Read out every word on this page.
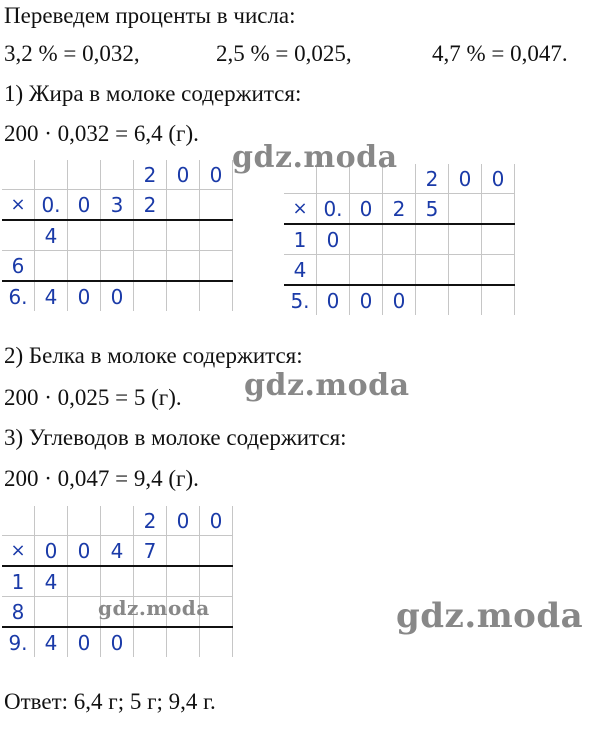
Переведем проценты в числа:
3,2 % = 0,032,	2,5 % = 0,025,	4,7 % = 0,047.
1) Жира в молоке содержится:
200 · 0,032 = 6,4 (г).
				2	0	0
×	0.	0	3	2		
	4					
6						
6.	4	0	0			
				2	0	0
×	0.	0	2	5		
1	0					
4						
5.	0	0	0			
2) Белка в молоке содержится:
200 · 0,025 = 5 (г).
3) Углеводов в молоке содержится:
200 · 0,047 = 9,4 (г).
				2	0	0
×	0	0	4	7		
1	4					
8						
9.	4	0	0			
Ответ: 6,4 г; 5 г; 9,4 г.
gdz.moda
gdz.moda
gdz.moda	gdz.moda
